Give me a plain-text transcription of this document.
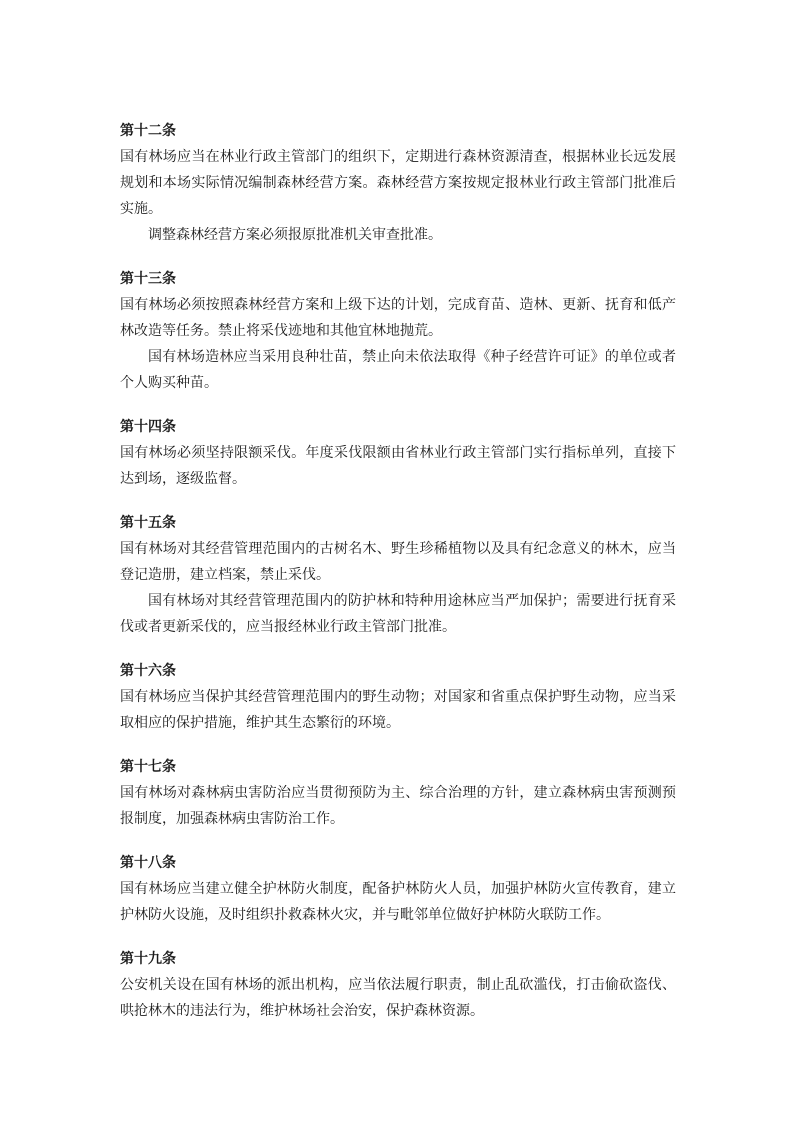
第十二条

国有林场应当在林业行政主管部门的组织下，定期进行森林资源清查，根据林业长远发展规划和本场实际情况编制森林经营方案。森林经营方案按规定报林业行政主管部门批准后实施。

调整森林经营方案必须报原批准机关审查批准。

第十三条

国有林场必须按照森林经营方案和上级下达的计划，完成育苗、造林、更新、抚育和低产林改造等任务。禁止将采伐迹地和其他宜林地抛荒。

国有林场造林应当采用良种壮苗，禁止向未依法取得《种子经营许可证》的单位或者个人购买种苗。

第十四条

国有林场必须坚持限额采伐。年度采伐限额由省林业行政主管部门实行指标单列，直接下达到场，逐级监督。

第十五条

国有林场对其经营管理范围内的古树名木、野生珍稀植物以及具有纪念意义的林木，应当登记造册，建立档案，禁止采伐。

国有林场对其经营管理范围内的防护林和特种用途林应当严加保护；需要进行抚育采伐或者更新采伐的，应当报经林业行政主管部门批准。

第十六条

国有林场应当保护其经营管理范围内的野生动物；对国家和省重点保护野生动物，应当采取相应的保护措施，维护其生态繁衍的环境。

第十七条

国有林场对森林病虫害防治应当贯彻预防为主、综合治理的方针，建立森林病虫害预测预报制度，加强森林病虫害防治工作。

第十八条

国有林场应当建立健全护林防火制度，配备护林防火人员，加强护林防火宣传教育，建立护林防火设施，及时组织扑救森林火灾，并与毗邻单位做好护林防火联防工作。

第十九条

公安机关设在国有林场的派出机构，应当依法履行职责，制止乱砍滥伐，打击偷砍盗伐、哄抢林木的违法行为，维护林场社会治安，保护森林资源。
